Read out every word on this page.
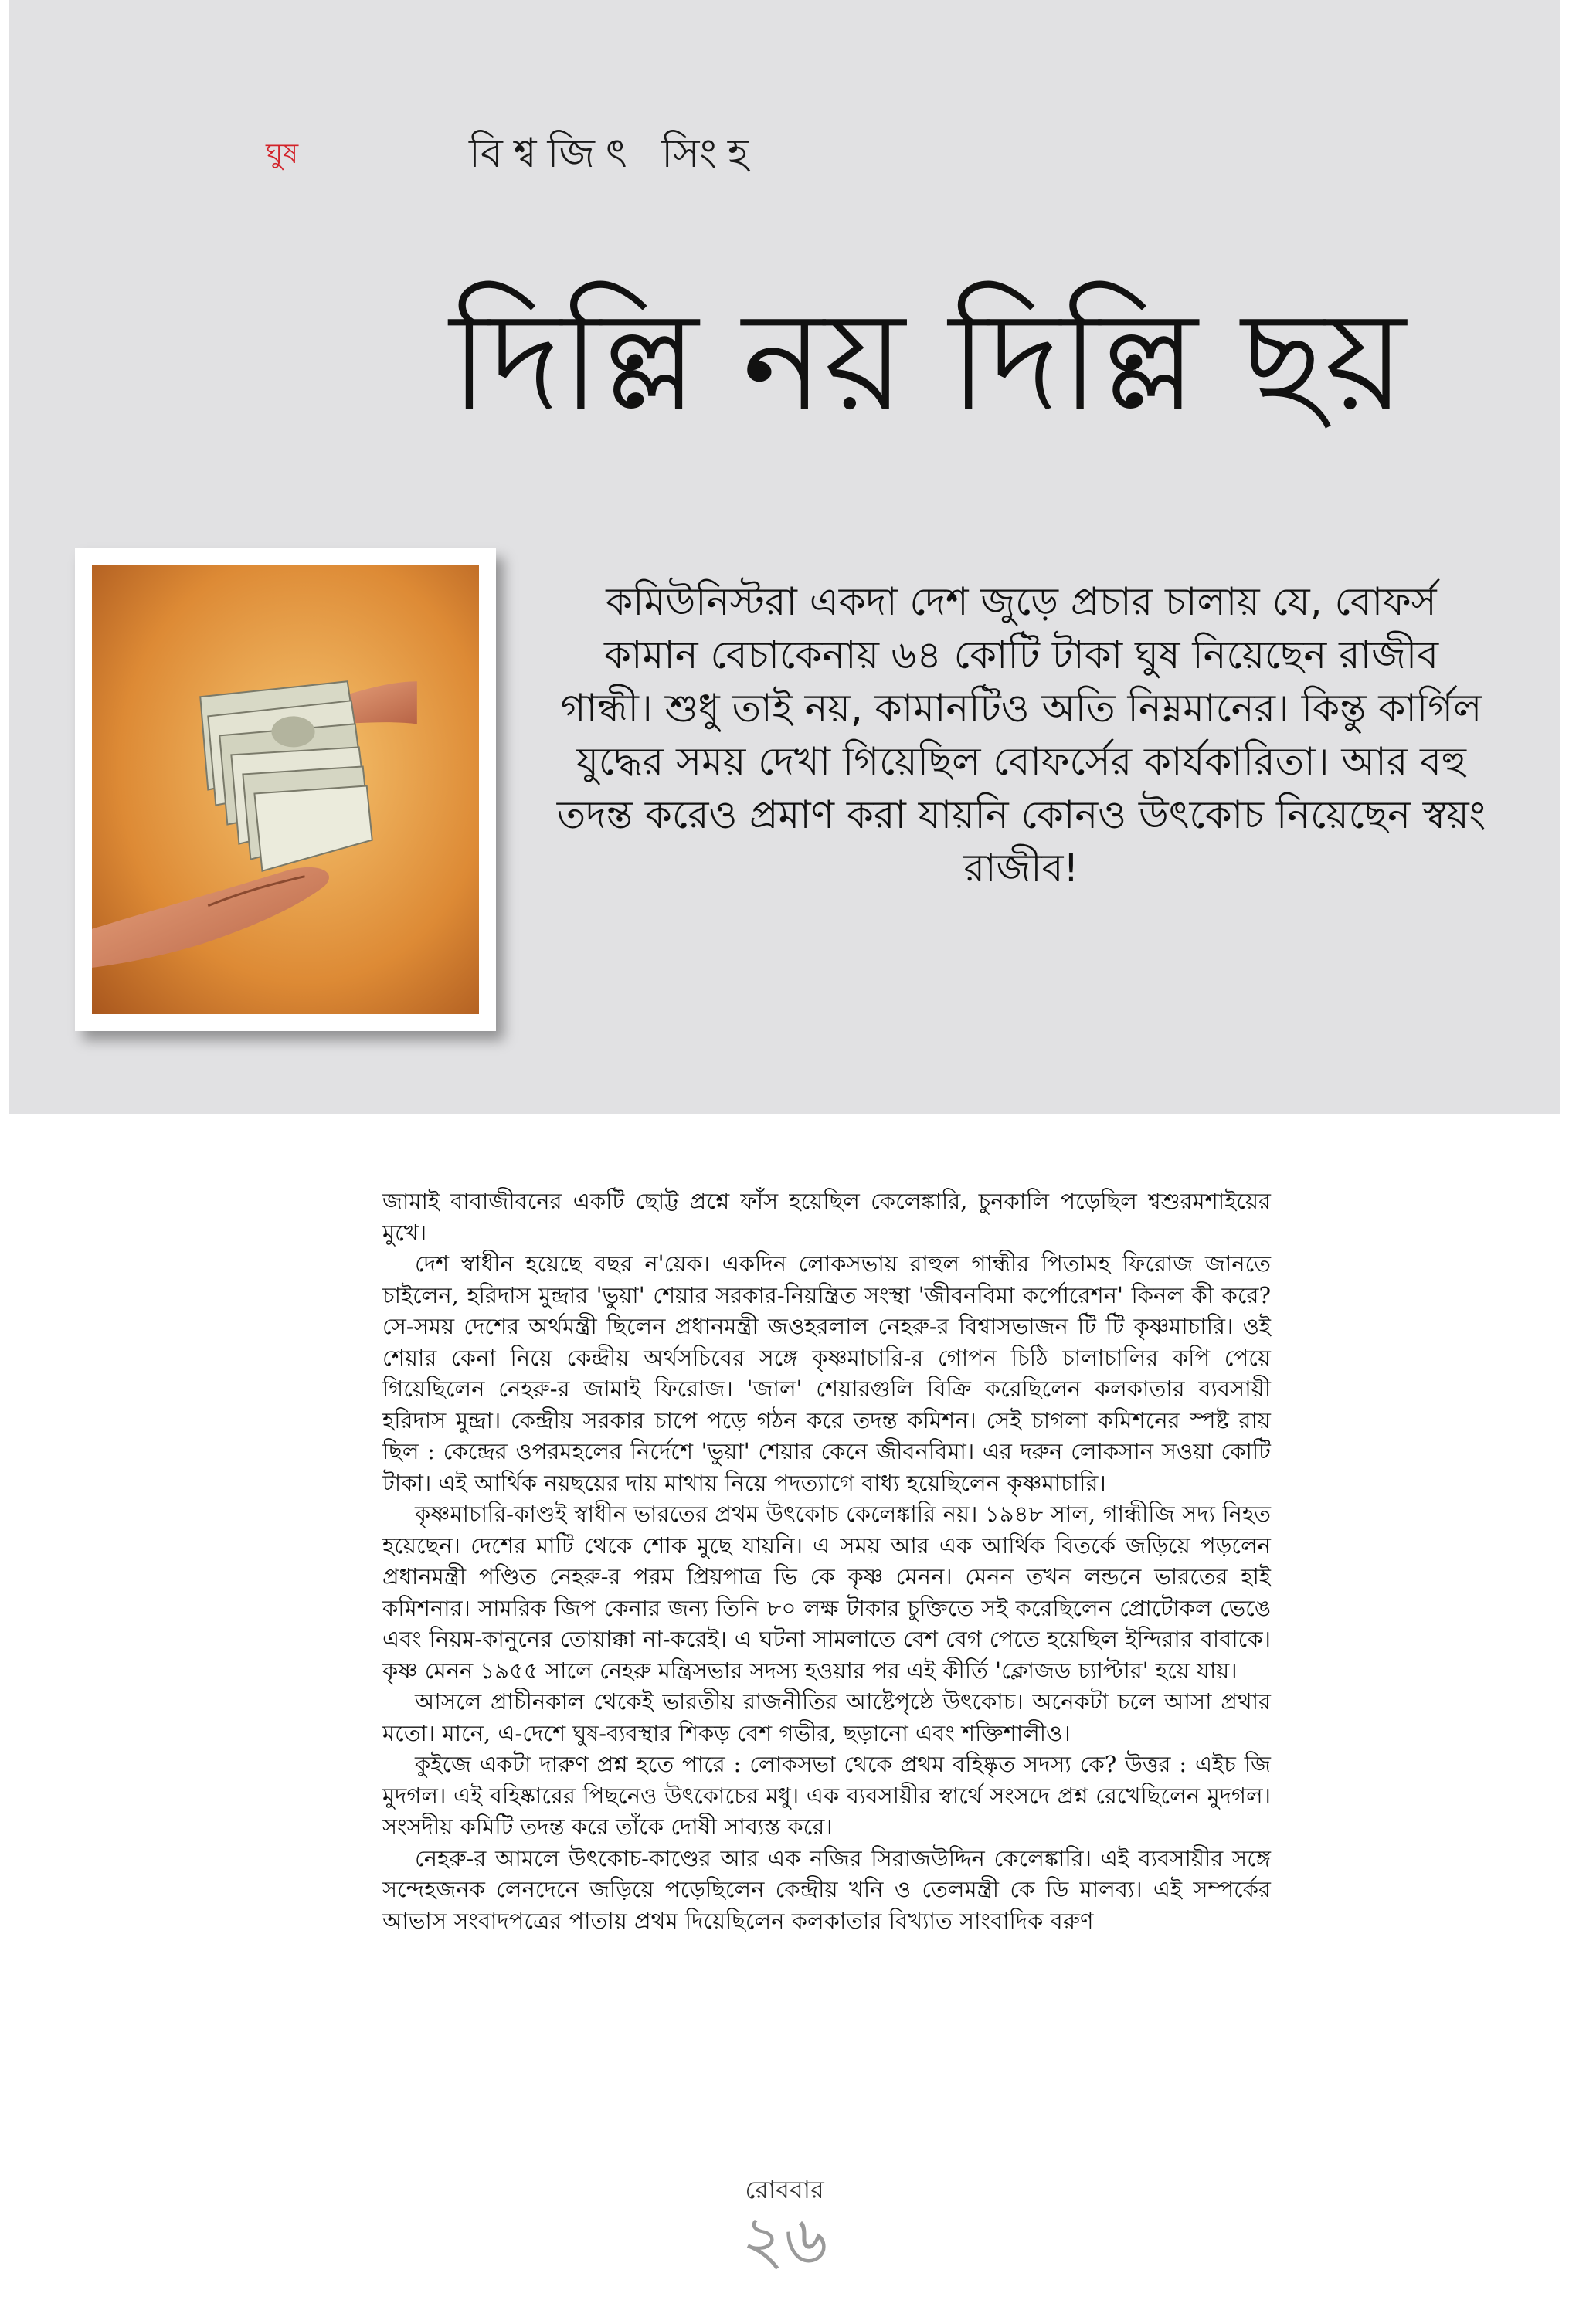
ঘুষ	বিশ্বজিৎ সিংহ
দিল্লি নয় দিল্লি ছয়
কমিউনিস্টরা একদা দেশ জুড়ে প্রচার চালায় যে, বোফর্স কামান বেচাকেনায় ৬৪ কোটি টাকা ঘুষ নিয়েছেন রাজীব গান্ধী। শুধু তাই নয়, কামানটিও অতি নিম্নমানের। কিন্তু কার্গিল যুদ্ধের সময় দেখা গিয়েছিল বোফর্সের কার্যকারিতা। আর বহু তদন্ত করেও প্রমাণ করা যায়নি কোনও উৎকোচ নিয়েছেন স্বয়ং রাজীব!

জামাই বাবাজীবনের একটি ছোট্ট প্রশ্নে ফাঁস হয়েছিল কেলেঙ্কারি, চুনকালি পড়েছিল শ্বশুরমশাইয়ের মুখে।

দেশ স্বাধীন হয়েছে বছর ন'য়েক। একদিন লোকসভায় রাহুল গান্ধীর পিতামহ ফিরোজ জানতে চাইলেন, হরিদাস মুন্দ্রার 'ভুয়া' শেয়ার সরকার-নিয়ন্ত্রিত সংস্থা 'জীবনবিমা কর্পোরেশন' কিনল কী করে? সে-সময় দেশের অর্থমন্ত্রী ছিলেন প্রধানমন্ত্রী জওহরলাল নেহরু-র বিশ্বাসভাজন টি টি কৃষ্ণমাচারি। ওই শেয়ার কেনা নিয়ে কেন্দ্রীয় অর্থসচিবের সঙ্গে কৃষ্ণমাচারি-র গোপন চিঠি চালাচালির কপি পেয়ে গিয়েছিলেন নেহরু-র জামাই ফিরোজ। 'জাল' শেয়ারগুলি বিক্রি করেছিলেন কলকাতার ব্যবসায়ী হরিদাস মুন্দ্রা। কেন্দ্রীয় সরকার চাপে পড়ে গঠন করে তদন্ত কমিশন। সেই চাগলা কমিশনের স্পষ্ট রায় ছিল : কেন্দ্রের ওপরমহলের নির্দেশে 'ভুয়া' শেয়ার কেনে জীবনবিমা। এর দরুন লোকসান সওয়া কোটি টাকা। এই আর্থিক নয়ছয়ের দায় মাথায় নিয়ে পদত্যাগে বাধ্য হয়েছিলেন কৃষ্ণমাচারি।

কৃষ্ণমাচারি-কাণ্ডই স্বাধীন ভারতের প্রথম উৎকোচ কেলেঙ্কারি নয়। ১৯৪৮ সাল, গান্ধীজি সদ্য নিহত হয়েছেন। দেশের মাটি থেকে শোক মুছে যায়নি। এ সময় আর এক আর্থিক বিতর্কে জড়িয়ে পড়লেন প্রধানমন্ত্রী পণ্ডিত নেহরু-র পরম প্রিয়পাত্র ভি কে কৃষ্ণ মেনন। মেনন তখন লন্ডনে ভারতের হাই কমিশনার। সামরিক জিপ কেনার জন্য তিনি ৮০ লক্ষ টাকার চুক্তিতে সই করেছিলেন প্রোটোকল ভেঙে এবং নিয়ম-কানুনের তোয়াক্কা না-করেই। এ ঘটনা সামলাতে বেশ বেগ পেতে হয়েছিল ইন্দিরার বাবাকে। কৃষ্ণ মেনন ১৯৫৫ সালে নেহরু মন্ত্রিসভার সদস্য হওয়ার পর এই কীর্তি 'ক্লোজড চ্যাপ্টার' হয়ে যায়।

আসলে প্রাচীনকাল থেকেই ভারতীয় রাজনীতির আষ্টেপৃষ্ঠে উৎকোচ। অনেকটা চলে আসা প্রথার মতো। মানে, এ-দেশে ঘুষ-ব্যবস্থার শিকড় বেশ গভীর, ছড়ানো এবং শক্তিশালীও।

কুইজে একটা দারুণ প্রশ্ন হতে পারে : লোকসভা থেকে প্রথম বহিষ্কৃত সদস্য কে? উত্তর : এইচ জি মুদগল। এই বহিষ্কারের পিছনেও উৎকোচের মধু। এক ব্যবসায়ীর স্বার্থে সংসদে প্রশ্ন রেখেছিলেন মুদগল। সংসদীয় কমিটি তদন্ত করে তাঁকে দোষী সাব্যস্ত করে।

নেহরু-র আমলে উৎকোচ-কাণ্ডের আর এক নজির সিরাজউদ্দিন কেলেঙ্কারি। এই ব্যবসায়ীর সঙ্গে সন্দেহজনক লেনদেনে জড়িয়ে পড়েছিলেন কেন্দ্রীয় খনি ও তেলমন্ত্রী কে ডি মালব্য। এই সম্পর্কের আভাস সংবাদপত্রের পাতায় প্রথম দিয়েছিলেন কলকাতার বিখ্যাত সাংবাদিক বরুণ

রোববার
২৬
